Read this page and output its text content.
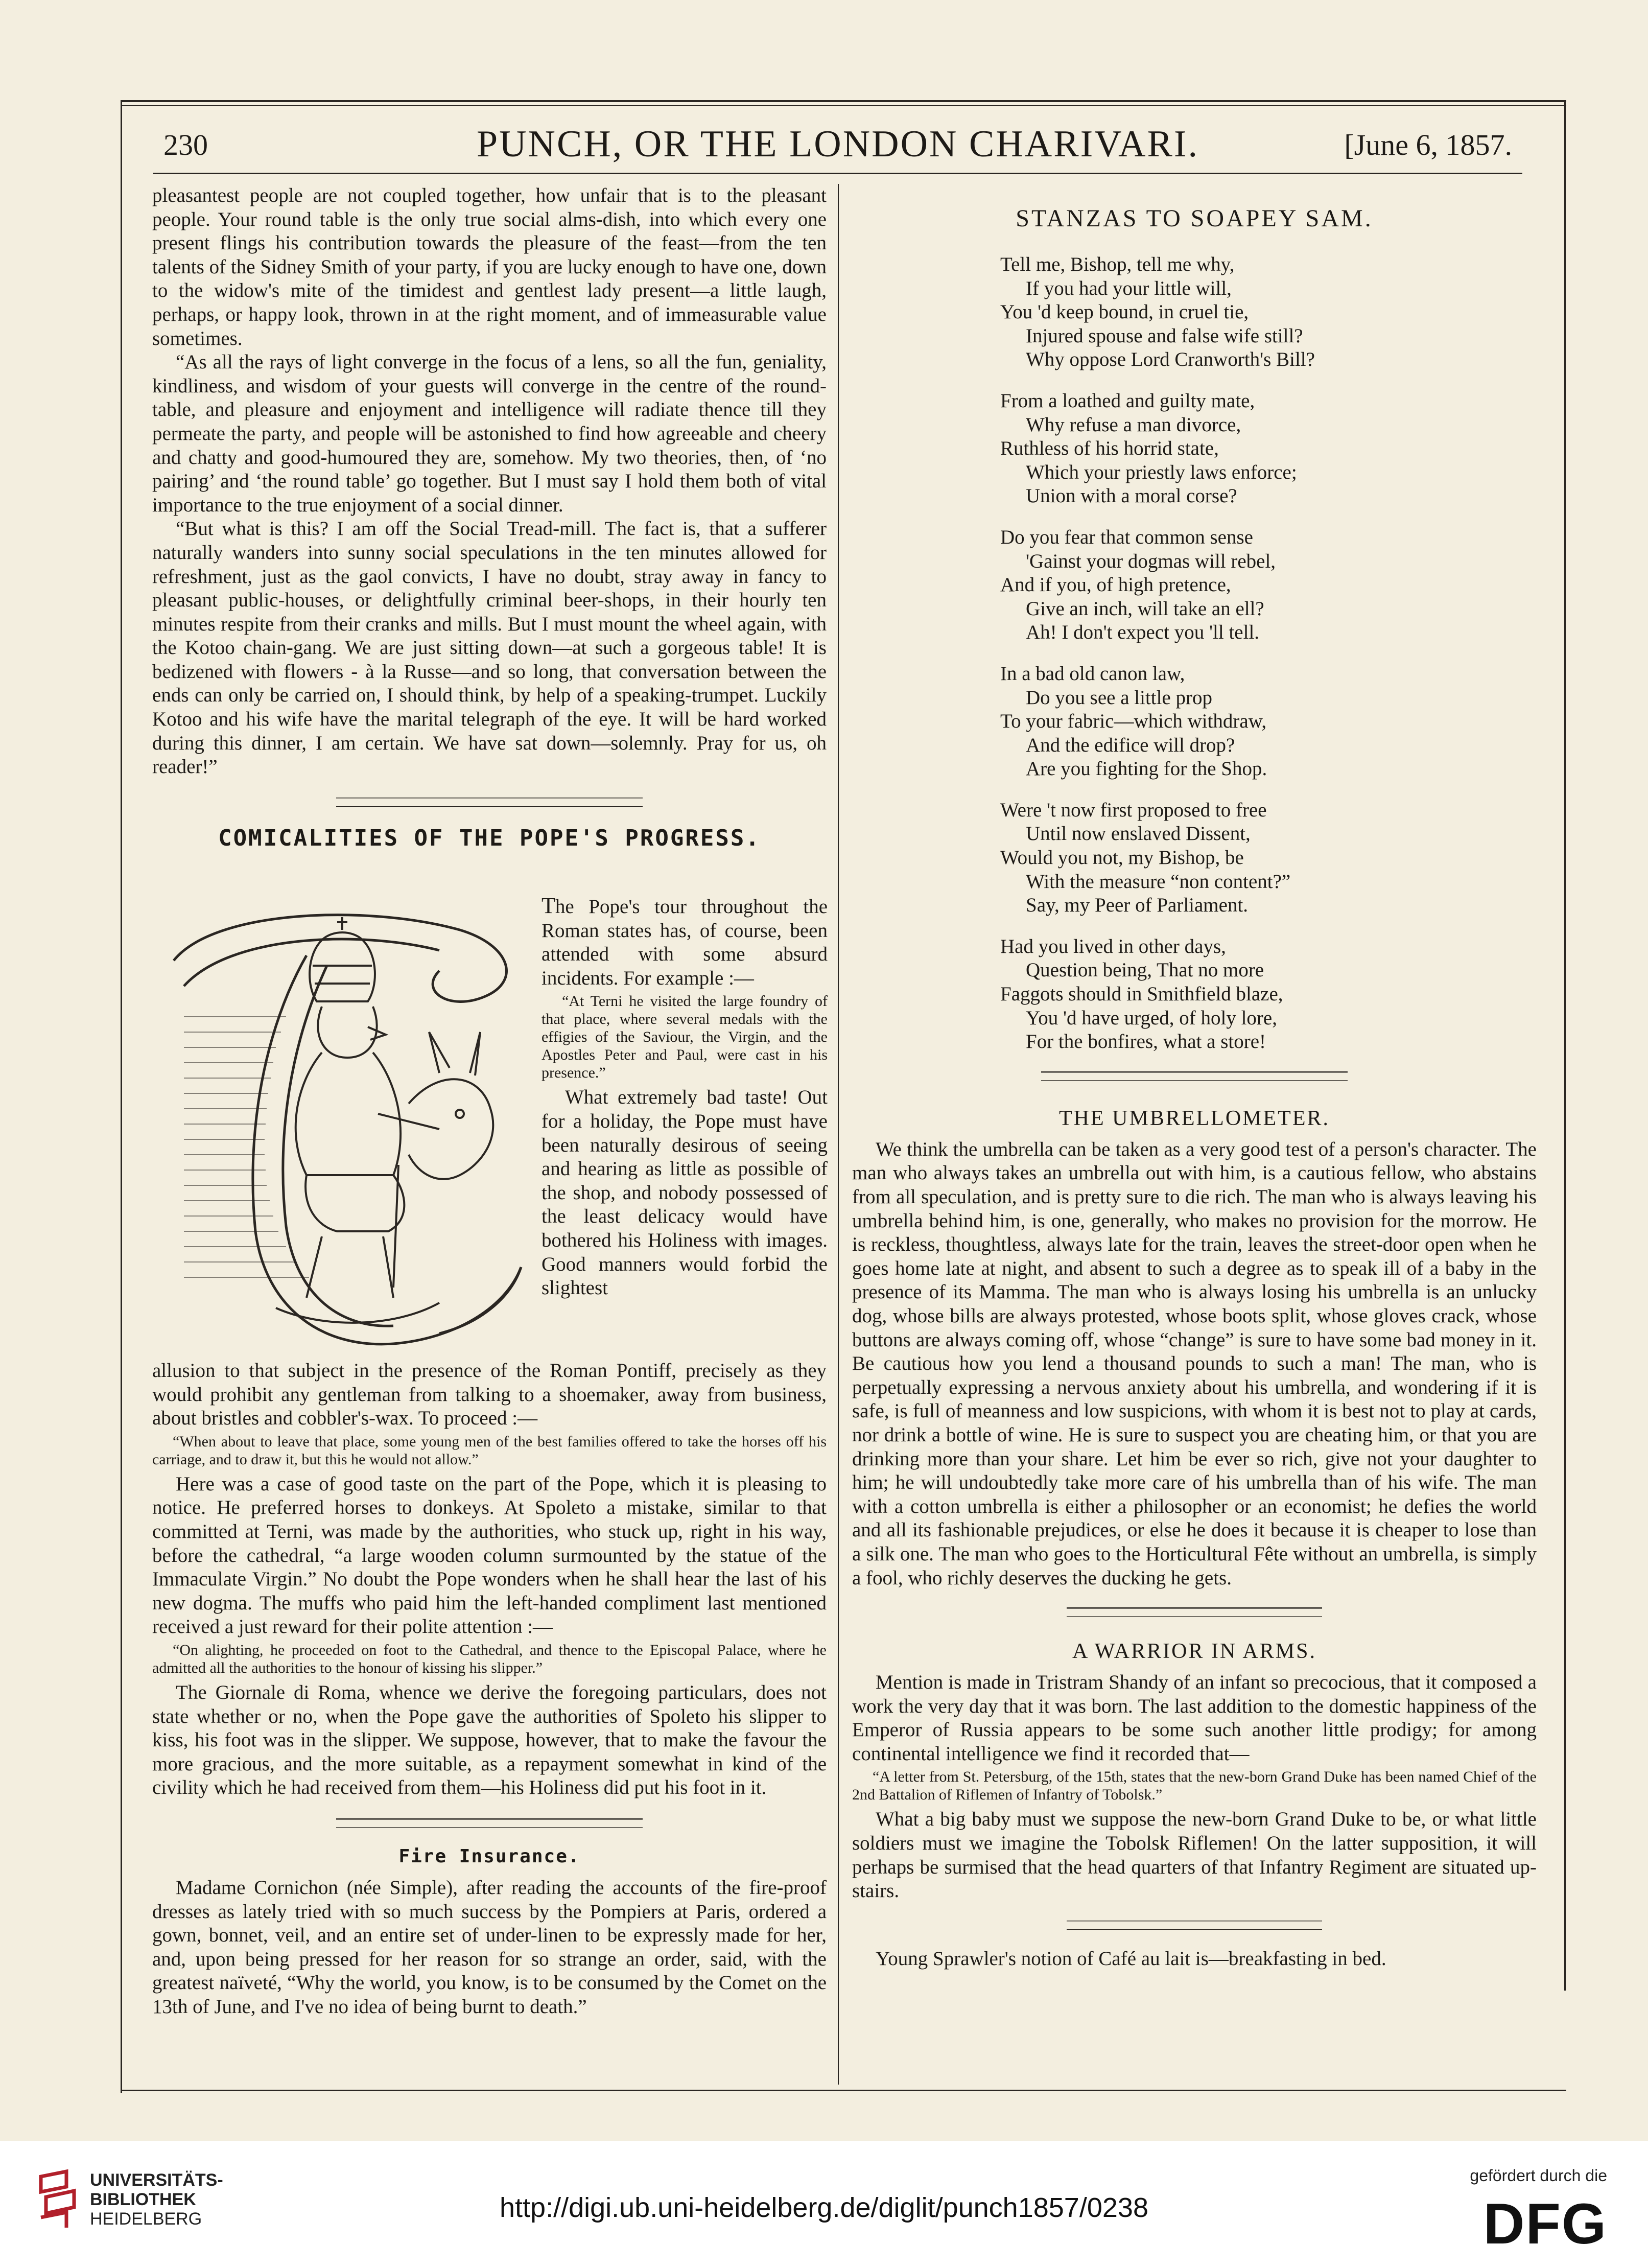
230	PUNCH, OR THE LONDON CHARIVARI.	[June 6, 1857.

pleasantest people are not coupled together, how unfair that is to the pleasant people. Your round table is the only true social alms-dish, into which every one present flings his contribution towards the pleasure of the feast—from the ten talents of the Sidney Smith of your party, if you are lucky enough to have one, down to the widow's mite of the timidest and gentlest lady present—a little laugh, perhaps, or happy look, thrown in at the right moment, and of immeasurable value sometimes.

“As all the rays of light converge in the focus of a lens, so all the fun, geniality, kindliness, and wisdom of your guests will converge in the centre of the round-table, and pleasure and enjoyment and intelligence will radiate thence till they permeate the party, and people will be astonished to find how agreeable and cheery and chatty and good-humoured they are, somehow. My two theories, then, of ‘no pairing’ and ‘the round table’ go together. But I must say I hold them both of vital importance to the true enjoyment of a social dinner.

“But what is this? I am off the Social Tread-mill. The fact is, that a sufferer naturally wanders into sunny social speculations in the ten minutes allowed for refreshment, just as the gaol convicts, I have no doubt, stray away in fancy to pleasant public-houses, or delightfully criminal beer-shops, in their hourly ten minutes respite from their cranks and mills. But I must mount the wheel again, with the Kotoo chain-gang. We are just sitting down—at such a gorgeous table! It is bedizened with flowers - à la Russe—and so long, that conversation between the ends can only be carried on, I should think, by help of a speaking-trumpet. Luckily Kotoo and his wife have the marital telegraph of the eye. It will be hard worked during this dinner, I am certain. We have sat down—solemnly. Pray for us, oh reader!”

COMICALITIES OF THE POPE'S PROGRESS.

The Pope's tour throughout the Roman states has, of course, been attended with some absurd incidents. For example :—

“At Terni he visited the large foundry of that place, where several medals with the effigies of the Saviour, the Virgin, and the Apostles Peter and Paul, were cast in his presence.”

What extremely bad taste! Out for a holiday, the Pope must have been naturally desirous of seeing and hearing as little as possible of the shop, and nobody possessed of the least delicacy would have bothered his Holiness with images. Good manners would forbid the slightest

allusion to that subject in the presence of the Roman Pontiff, precisely as they would prohibit any gentleman from talking to a shoemaker, away from business, about bristles and cobbler's-wax. To proceed :—

“When about to leave that place, some young men of the best families offered to take the horses off his carriage, and to draw it, but this he would not allow.”

Here was a case of good taste on the part of the Pope, which it is pleasing to notice. He preferred horses to donkeys. At Spoleto a mistake, similar to that committed at Terni, was made by the authorities, who stuck up, right in his way, before the cathedral, “a large wooden column surmounted by the statue of the Immaculate Virgin.” No doubt the Pope wonders when he shall hear the last of his new dogma. The muffs who paid him the left-handed compliment last mentioned received a just reward for their polite attention :—

“On alighting, he proceeded on foot to the Cathedral, and thence to the Episcopal Palace, where he admitted all the authorities to the honour of kissing his slipper.”

The Giornale di Roma, whence we derive the foregoing particulars, does not state whether or no, when the Pope gave the authorities of Spoleto his slipper to kiss, his foot was in the slipper. We suppose, however, that to make the favour the more gracious, and the more suitable, as a repayment somewhat in kind of the civility which he had received from them—his Holiness did put his foot in it.

Fire Insurance.

Madame Cornichon (née Simple), after reading the accounts of the fire-proof dresses as lately tried with so much success by the Pompiers at Paris, ordered a gown, bonnet, veil, and an entire set of under-linen to be expressly made for her, and, upon being pressed for her reason for so strange an order, said, with the greatest naïveté, “Why the world, you know, is to be consumed by the Comet on the 13th of June, and I've no idea of being burnt to death.”

STANZAS TO SOAPEY SAM.

Tell me, Bishop, tell me why,

If you had your little will,

You 'd keep bound, in cruel tie,

Injured spouse and false wife still?

Why oppose Lord Cranworth's Bill?

From a loathed and guilty mate,

Why refuse a man divorce,

Ruthless of his horrid state,

Which your priestly laws enforce;

Union with a moral corse?

Do you fear that common sense

'Gainst your dogmas will rebel,

And if you, of high pretence,

Give an inch, will take an ell?

Ah! I don't expect you 'll tell.

In a bad old canon law,

Do you see a little prop

To your fabric—which withdraw,

And the edifice will drop?

Are you fighting for the Shop.

Were 't now first proposed to free

Until now enslaved Dissent,

Would you not, my Bishop, be

With the measure “non content?”

Say, my Peer of Parliament.

Had you lived in other days,

Question being, That no more

Faggots should in Smithfield blaze,

You 'd have urged, of holy lore,

For the bonfires, what a store!

THE UMBRELLOMETER.

We think the umbrella can be taken as a very good test of a person's character. The man who always takes an umbrella out with him, is a cautious fellow, who abstains from all speculation, and is pretty sure to die rich. The man who is always leaving his umbrella behind him, is one, generally, who makes no provision for the morrow. He is reckless, thoughtless, always late for the train, leaves the street-door open when he goes home late at night, and absent to such a degree as to speak ill of a baby in the presence of its Mamma. The man who is always losing his umbrella is an unlucky dog, whose bills are always protested, whose boots split, whose gloves crack, whose buttons are always coming off, whose “change” is sure to have some bad money in it. Be cautious how you lend a thousand pounds to such a man! The man, who is perpetually expressing a nervous anxiety about his umbrella, and wondering if it is safe, is full of meanness and low suspicions, with whom it is best not to play at cards, nor drink a bottle of wine. He is sure to suspect you are cheating him, or that you are drinking more than your share. Let him be ever so rich, give not your daughter to him; he will undoubtedly take more care of his umbrella than of his wife. The man with a cotton umbrella is either a philosopher or an economist; he defies the world and all its fashionable prejudices, or else he does it because it is cheaper to lose than a silk one. The man who goes to the Horticultural Fête without an umbrella, is simply a fool, who richly deserves the ducking he gets.

A WARRIOR IN ARMS.

Mention is made in Tristram Shandy of an infant so precocious, that it composed a work the very day that it was born. The last addition to the domestic happiness of the Emperor of Russia appears to be some such another little prodigy; for among continental intelligence we find it recorded that—

“A letter from St. Petersburg, of the 15th, states that the new-born Grand Duke has been named Chief of the 2nd Battalion of Riflemen of Infantry of Tobolsk.”

What a big baby must we suppose the new-born Grand Duke to be, or what little soldiers must we imagine the Tobolsk Riflemen! On the latter supposition, it will perhaps be surmised that the head quarters of that Infantry Regiment are situated up-stairs.

Young Sprawler's notion of Café au lait is—breakfasting in bed.

UNIVERSITÄTS-
BIBLIOTHEK
HEIDELBERG	http://digi.ub.uni-heidelberg.de/diglit/punch1857/0238
gefördert durch die
DFG
